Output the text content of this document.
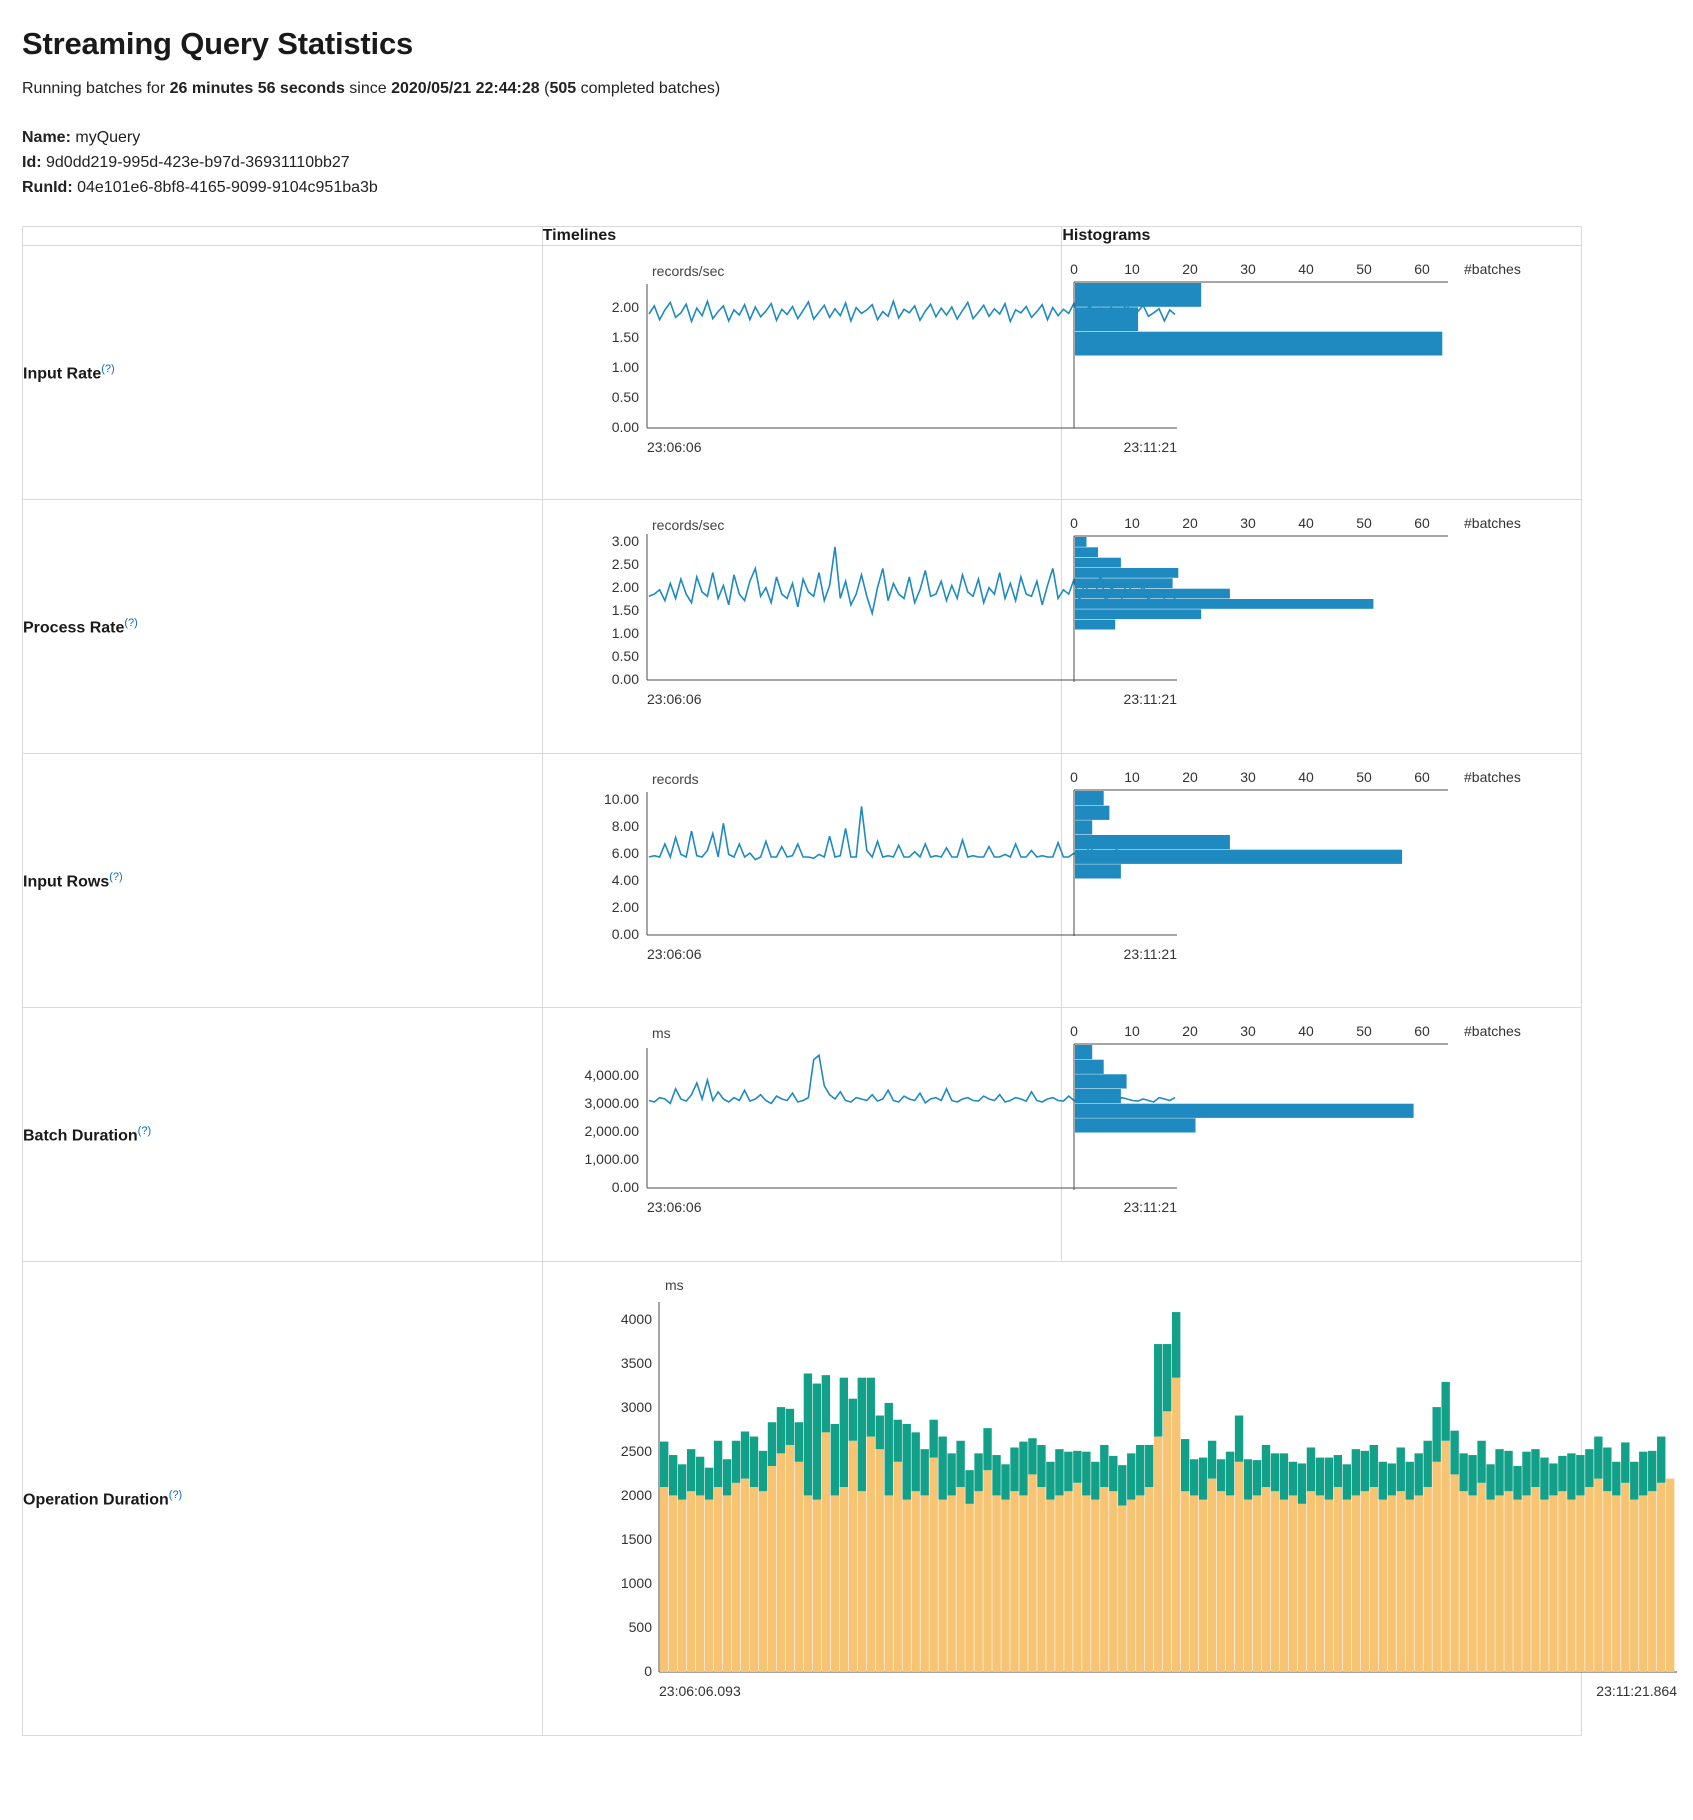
Streaming Query Statistics
Running batches for 26 minutes 56 seconds since 2020/05/21 22:44:28 (505 completed batches)
Name: myQuery
Id: 9d0dd219-995d-423e-b97d-36931110bb27
RunId: 04e101e6-8bf8-4165-9099-9104c951ba3b
	Timelines	Histograms
Input Rate(?)	
records/sec
2.00
1.50
1.00
0.50
0.00
23:06:06	23:11:21

0	10	20	30	40	50	60 #batches

Process Rate(?)	
records/sec
3.00
2.50
2.00
1.50
1.00
0.50
0.00
23:06:06	23:11:21

0	10	20	30	40	50	60 #batches

Input Rows(?)	
records
10.00
8.00
6.00
4.00
2.00
0.00
23:06:06	23:11:21

0	10	20	30	40	50	60 #batches

Batch Duration(?)	
ms
4,000.00
3,000.00
2,000.00
1,000.00
0.00
23:06:06	23:11:21

0	10	20	30	40	50	60 #batches

Operation Duration(?)	
ms
4000
3500
3000
2500
2000
1500
1000
500
0
23:06:06.093	23:11:21.864
